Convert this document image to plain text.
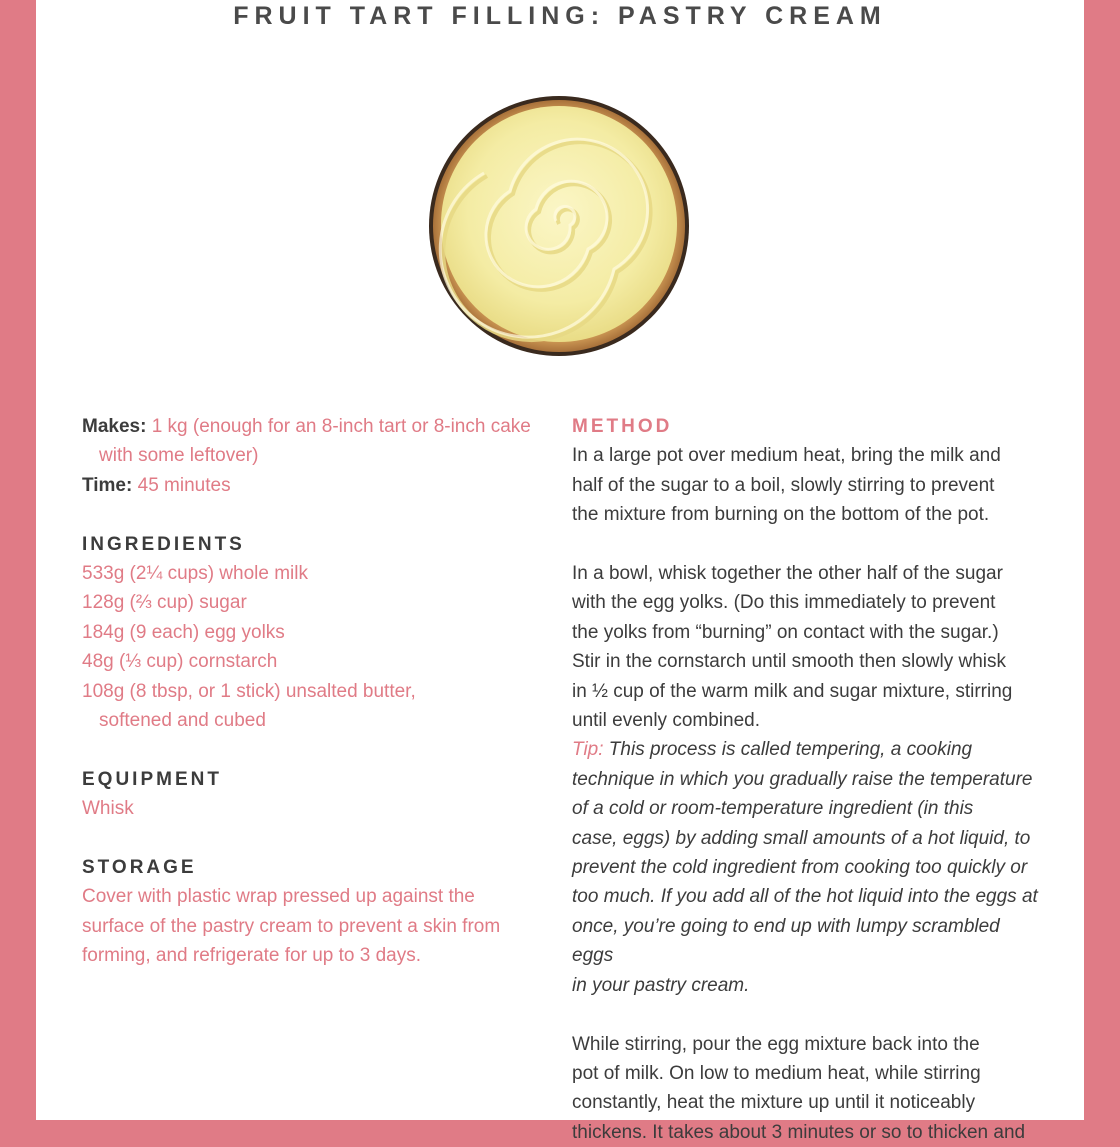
FRUIT TART FILLING: PASTRY CREAM

Makes: 1 kg (enough for an 8-inch tart or 8-inch cake

with some leftover)

Time: 45 minutes

INGREDIENTS

533g (2¼ cups) whole milk

128g (⅔ cup) sugar

184g (9 each) egg yolks

48g (⅓ cup) cornstarch

108g (8 tbsp, or 1 stick) unsalted butter,

softened and cubed

EQUIPMENT

Whisk

STORAGE

Cover with plastic wrap pressed up against the

surface of the pastry cream to prevent a skin from

forming, and refrigerate for up to 3 days.

METHOD

In a large pot over medium heat, bring the milk and

half of the sugar to a boil, slowly stirring to prevent

the mixture from burning on the bottom of the pot.

In a bowl, whisk together the other half of the sugar

with the egg yolks. (Do this immediately to prevent

the yolks from “burning” on contact with the sugar.)

Stir in the cornstarch until smooth then slowly whisk

in ½ cup of the warm milk and sugar mixture, stirring

until evenly combined.

Tip: This process is called tempering, a cooking

technique in which you gradually raise the temperature

of a cold or room-temperature ingredient (in this

case, eggs) by adding small amounts of a hot liquid, to

prevent the cold ingredient from cooking too quickly or

too much. If you add all of the hot liquid into the eggs at

once, you’re going to end up with lumpy scrambled eggs

in your pastry cream.

While stirring, pour the egg mixture back into the

pot of milk. On low to medium heat, while stirring

constantly, heat the mixture up until it noticeably

thickens. It takes about 3 minutes or so to thicken and
